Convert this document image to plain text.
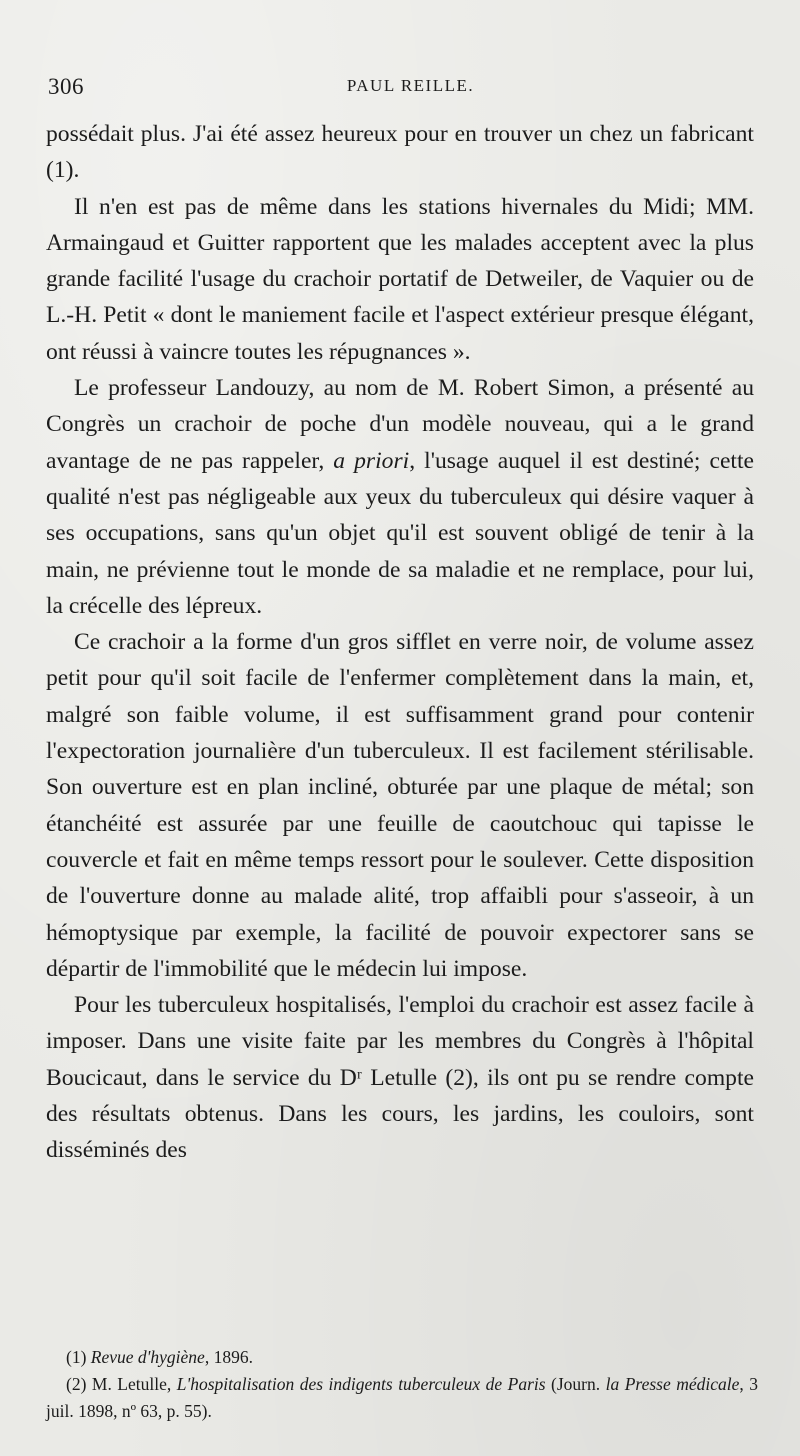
306	PAUL REILLE.

possédait plus. J'ai été assez heureux pour en trouver un chez un fabricant (1).

Il n'en est pas de même dans les stations hivernales du Midi; MM. Armaingaud et Guitter rapportent que les malades acceptent avec la plus grande facilité l'usage du crachoir portatif de Detweiler, de Vaquier ou de L.-H. Petit « dont le maniement facile et l'aspect extérieur presque élégant, ont réussi à vaincre toutes les répugnances ».

Le professeur Landouzy, au nom de M. Robert Simon, a présenté au Congrès un crachoir de poche d'un modèle nouveau, qui a le grand avantage de ne pas rappeler, a priori, l'usage auquel il est destiné; cette qualité n'est pas négligeable aux yeux du tuberculeux qui désire vaquer à ses occupations, sans qu'un objet qu'il est souvent obligé de tenir à la main, ne prévienne tout le monde de sa maladie et ne remplace, pour lui, la crécelle des lépreux.

Ce crachoir a la forme d'un gros sifflet en verre noir, de volume assez petit pour qu'il soit facile de l'enfermer complètement dans la main, et, malgré son faible volume, il est suffisamment grand pour contenir l'expectoration journalière d'un tuberculeux. Il est facilement stérilisable. Son ouverture est en plan incliné, obturée par une plaque de métal; son étanchéité est assurée par une feuille de caoutchouc qui tapisse le couvercle et fait en même temps ressort pour le soulever. Cette disposition de l'ouverture donne au malade alité, trop affaibli pour s'asseoir, à un hémoptysique par exemple, la facilité de pouvoir expectorer sans se départir de l'immobilité que le médecin lui impose.

Pour les tuberculeux hospitalisés, l'emploi du crachoir est assez facile à imposer. Dans une visite faite par les membres du Congrès à l'hôpital Boucicaut, dans le service du Dʳ Letulle (2), ils ont pu se rendre compte des résultats obtenus. Dans les cours, les jardins, les couloirs, sont disséminés des

(1) Revue d'hygiène, 1896.

(2) M. Letulle, L'hospitalisation des indigents tuberculeux de Paris (Journ. la Presse médicale, 3 juil. 1898, nº 63, p. 55).
